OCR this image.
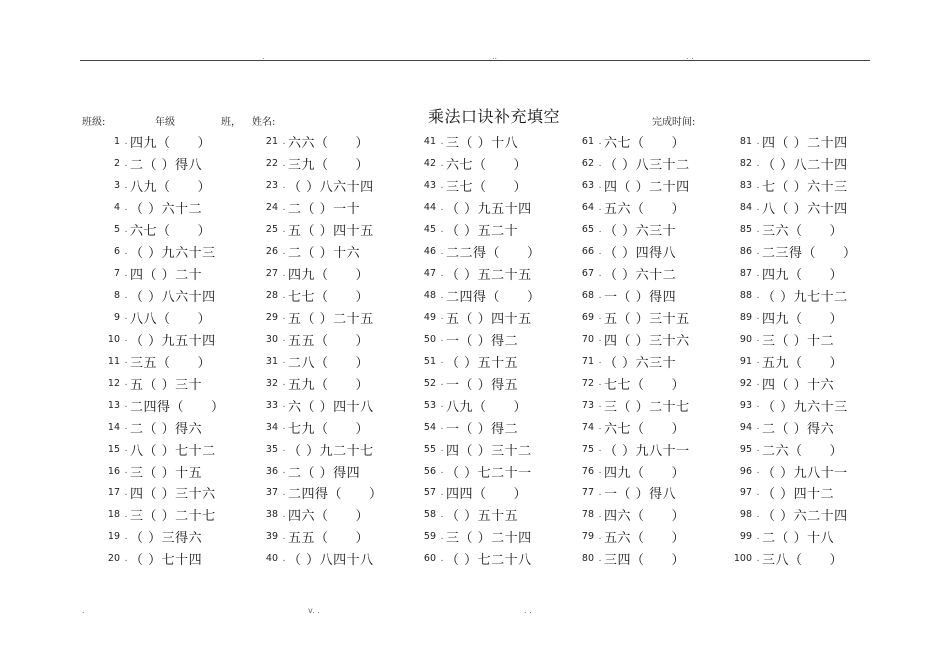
.	..	. .
班级:	年级	班， 姓名:	乘法口诀补充填空	完成时间:
1 . 四九（　　）
2 . 二（ ）得八
3 . 八九（　　）
4 . （ ）六十二
5 . 六七（　　）
6 . （ ）九六十三
7 . 四（ ）二十
8 . （ ）八六十四
9 . 八八（　　）
10 . （ ）九五十四
11 . 三五（　　）
12 . 五（ ）三十
13 . 二四得（　　）
14 . 二（ ）得六
15 . 八（ ）七十二
16 . 三（ ）十五
17 . 四（ ）三十六
18 . 三（ ）二十七
19 . （ ）三得六
20 . （ ）七十四
21 . 六六（　　）
22 . 三九（　　）
23 . （ ）八六十四
24 . 二（ ）一十
25 . 五（ ）四十五
26 . 二（ ）十六
27 . 四九（　　）
28 . 七七（　　）
29 . 五（ ）二十五
30 . 五五（　　）
31 . 二八（　　）
32 . 五九（　　）
33 . 六（ ）四十八
34 . 七九（　　）
35 . （ ）九二十七
36 . 二（ ）得四
37 . 二四得（　　）
38 . 四六（　　）
39 . 五五（　　）
40 . （ ）八四十八
41 . 三（ ）十八
42 . 六七（　　）
43 . 三七（　　）
44 . （ ）九五十四
45 . （ ）五二十
46 . 二二得（　　）
47 . （ ）五二十五
48 . 二四得（　　）
49 . 五（ ）四十五
50 . 一（ ）得二
51 . （ ）五十五
52 . 一（ ）得五
53 . 八九（　　）
54 . 一（ ）得二
55 . 四（ ）三十二
56 . （ ）七二十一
57 . 四四（　　）
58 . （ ）五十五
59 . 三（ ）二十四
60 . （ ）七二十八
61 . 六七（　　）
62 . （ ）八三十二
63 . 四（ ）二十四
64 . 五六（　　）
65 . （ ）六三十
66 . （ ）四得八
67 . （ ）六十二
68 . 一（ ）得四
69 . 五（ ）三十五
70 . 四（ ）三十六
71 . （ ）六三十
72 . 七七（　　）
73 . 三（ ）二十七
74 . 六七（　　）
75 . （ ）九八十一
76 . 四九（　　）
77 . 一（ ）得八
78 . 四六（　　）
79 . 五六（　　）
80 . 三四（　　）
81 . 四（ ）二十四
82 . （ ）八二十四
83 . 七（ ）六十三
84 . 八（ ）六十四
85 . 三六（　　）
86 . 二三得（　　）
87 . 四九（　　）
88 . （ ）九七十二
89 . 四九（　　）
90 . 三（ ）十二
91 . 五九（　　）
92 . 四（ ）十六
93 . （ ）九六十三
94 . 二（ ）得六
95 . 二六（　　）
96 . （ ）九八十一
97 . （ ）四十二
98 . （ ）六二十四
99 . 二（ ）十八
100 . 三八（　　）
.	v. .	. .
